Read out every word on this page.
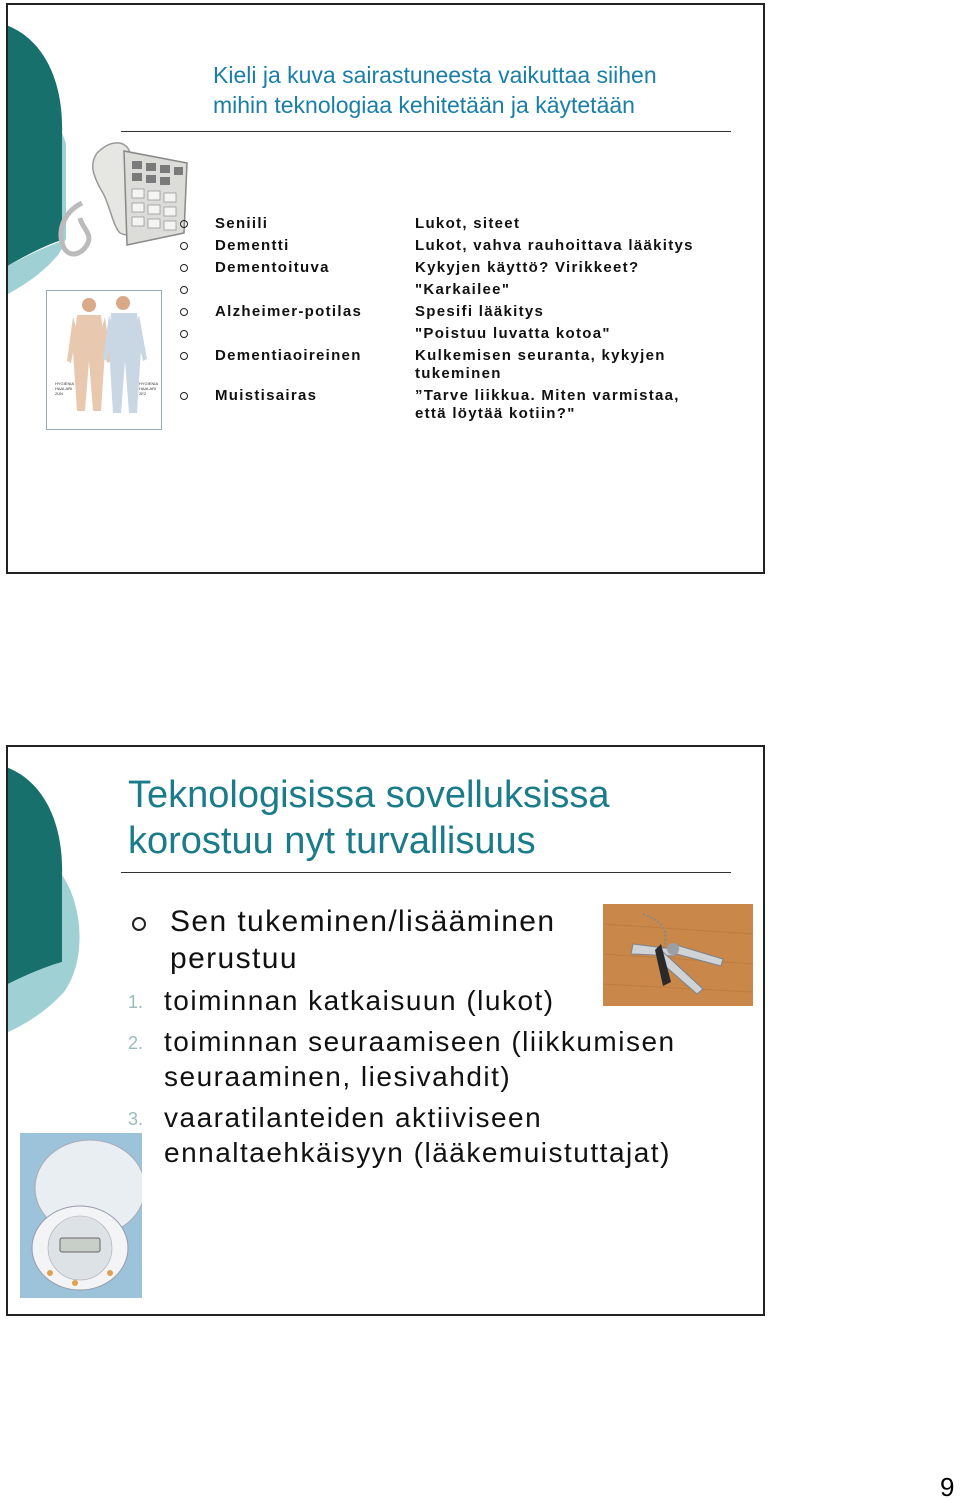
Kieli ja kuva sairastuneesta vaikuttaa siihen
mihin teknologiaa kehitetään ja käytetään
HYGIENIA HAALARI 2UN
HYGIENIA HAALARI 2E2
	Seniili	Lukot, siteet
	Dementti	Lukot, vahva rauhoittava lääkitys
	Dementoituva	Kykyjen käyttö? Virikkeet?
		"Karkailee"
	Alzheimer-potilas	Spesifi lääkitys
		"Poistuu luvatta kotoa"
	Dementiaoireinen	Kulkemisen seuranta, kykyjen tukeminen
	Muistisairas	”Tarve liikkua. Miten varmistaa, että löytää kotiin?"
Teknologisissa sovelluksissa
korostuu nyt turvallisuus
Sen tukeminen/lisääminen perustuu
1. toiminnan katkaisuun (lukot)
2. toiminnan seuraamiseen (liikkumisen seuraaminen, liesivahdit)
3. vaaratilanteiden aktiiviseen ennaltaehkäisyyn (lääkemuistuttajat)
9
